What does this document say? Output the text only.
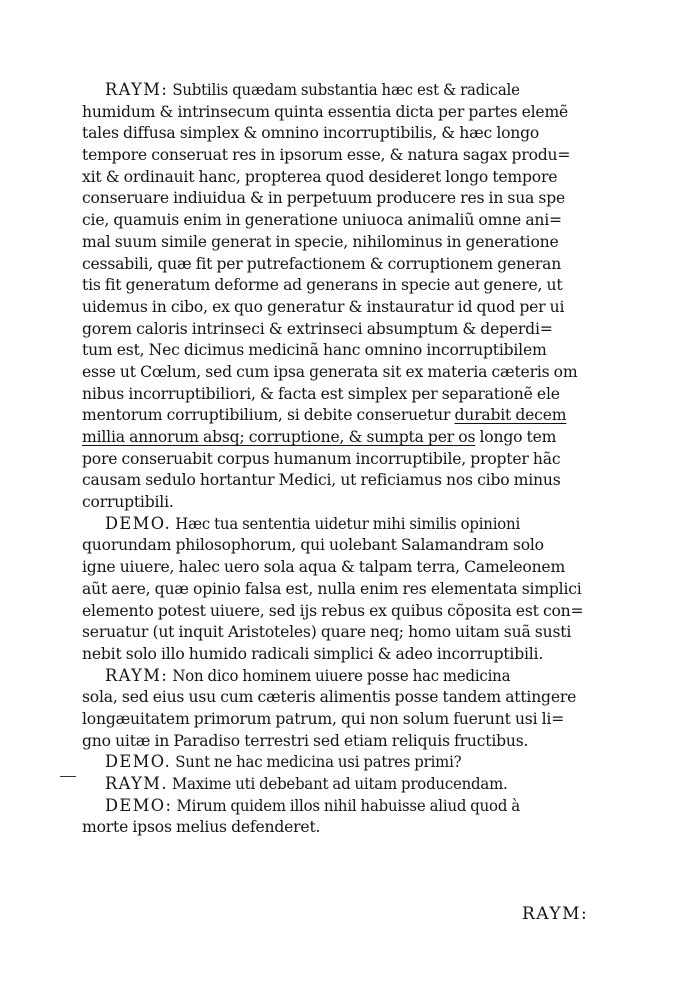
RAYM: Subtilis quædam substantia hæc est & radicale
humidum & intrinsecum quinta essentia dicta per partes elemẽ
tales diffusa simplex & omnino incorruptibilis, & hæc longo
tempore conseruat res in ipsorum esse, & natura sagax produ=
xit & ordinauit hanc, propterea quod desideret longo tempore
conseruare indiuidua & in perpetuum producere res in sua spe
cie, quamuis enim in generatione uniuoca animaliũ omne ani=
mal suum simile generat in specie, nihilominus in generatione
cessabili, quæ fit per putrefactionem & corruptionem generan
tis fit generatum deforme ad generans in specie aut genere, ut
uidemus in cibo, ex quo generatur & instauratur id quod per ui
gorem caloris intrinseci & extrinseci absumptum & deperdi=
tum est, Nec dicimus medicinã hanc omnino incorruptibilem
esse ut Cœlum, sed cum ipsa generata sit ex materia cæteris om
nibus incorruptibiliori, & facta est simplex per separationẽ ele
mentorum corruptibilium, si debite conseruetur durabit decem
millia annorum absq; corruptione, & sumpta per os longo tem
pore conseruabit corpus humanum incorruptibile, propter hãc
causam sedulo hortantur Medici, ut reficiamus nos cibo minus
corruptibili.
DEMO. Hæc tua sententia uidetur mihi similis opinioni
quorundam philosophorum, qui uolebant Salamandram solo
igne uiuere, halec uero sola aqua & talpam terra, Cameleonem
aũt aere, quæ opinio falsa est, nulla enim res elementata simplici
elemento potest uiuere, sed ijs rebus ex quibus cõposita est con=
seruatur (ut inquit Aristoteles) quare neq; homo uitam suã susti
nebit solo illo humido radicali simplici & adeo incorruptibili.
RAYM: Non dico hominem uiuere posse hac medicina
sola, sed eius usu cum cæteris alimentis posse tandem attingere
longæuitatem primorum patrum, qui non solum fuerunt usi li=
gno uitæ in Paradiso terrestri sed etiam reliquis fructibus.
DEMO. Sunt ne hac medicina usi patres primi?
RAYM. Maxime uti debebant ad uitam producendam.
DEMO: Mirum quidem illos nihil habuisse aliud quod à
morte ipsos melius defenderet.
RAYM:
